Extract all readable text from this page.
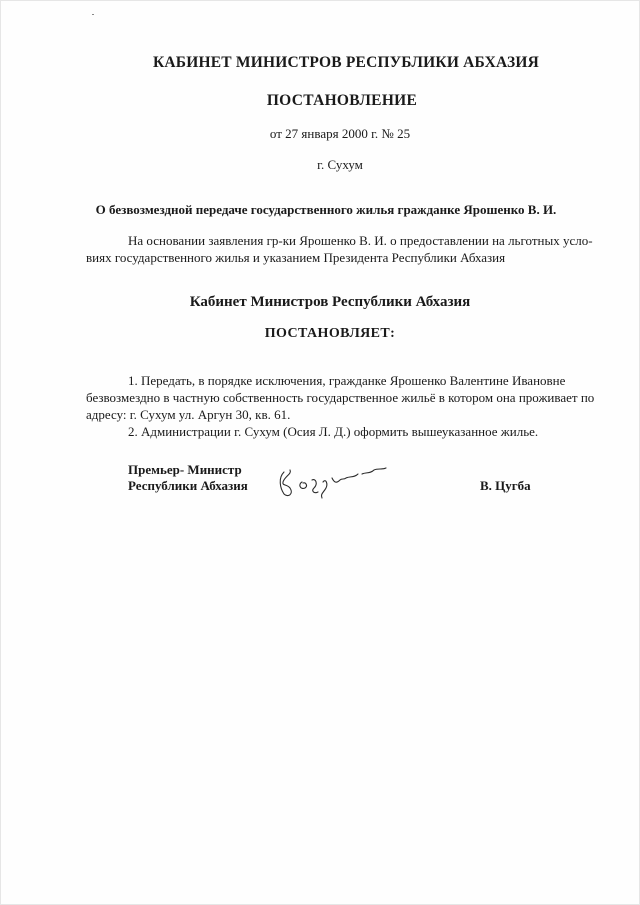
КАБИНЕТ МИНИСТРОВ РЕСПУБЛИКИ АБХАЗИЯ
ПОСТАНОВЛЕНИЕ
от 27 января 2000 г. № 25
г. Сухум
О безвозмездной передаче государственного жилья гражданке Ярошенко В. И.
На основании заявления гр-ки Ярошенко В. И. о предоставлении на льготных усло-
виях государственного жилья и указанием Президента Республики Абхазия
Кабинет Министров Республики Абхазия
ПОСТАНОВЛЯЕТ:
1. Передать, в порядке исключения, гражданке Ярошенко Валентине Ивановне
безвозмездно в частную собственность государственное жильё в котором она проживает по
адресу: г. Сухум ул. Аргун 30, кв. 61.
2. Администрации г. Сухум (Осия Л. Д.) оформить вышеуказанное жилье.
Премьер- Министр
Республики Абхазия	В. Цугба
